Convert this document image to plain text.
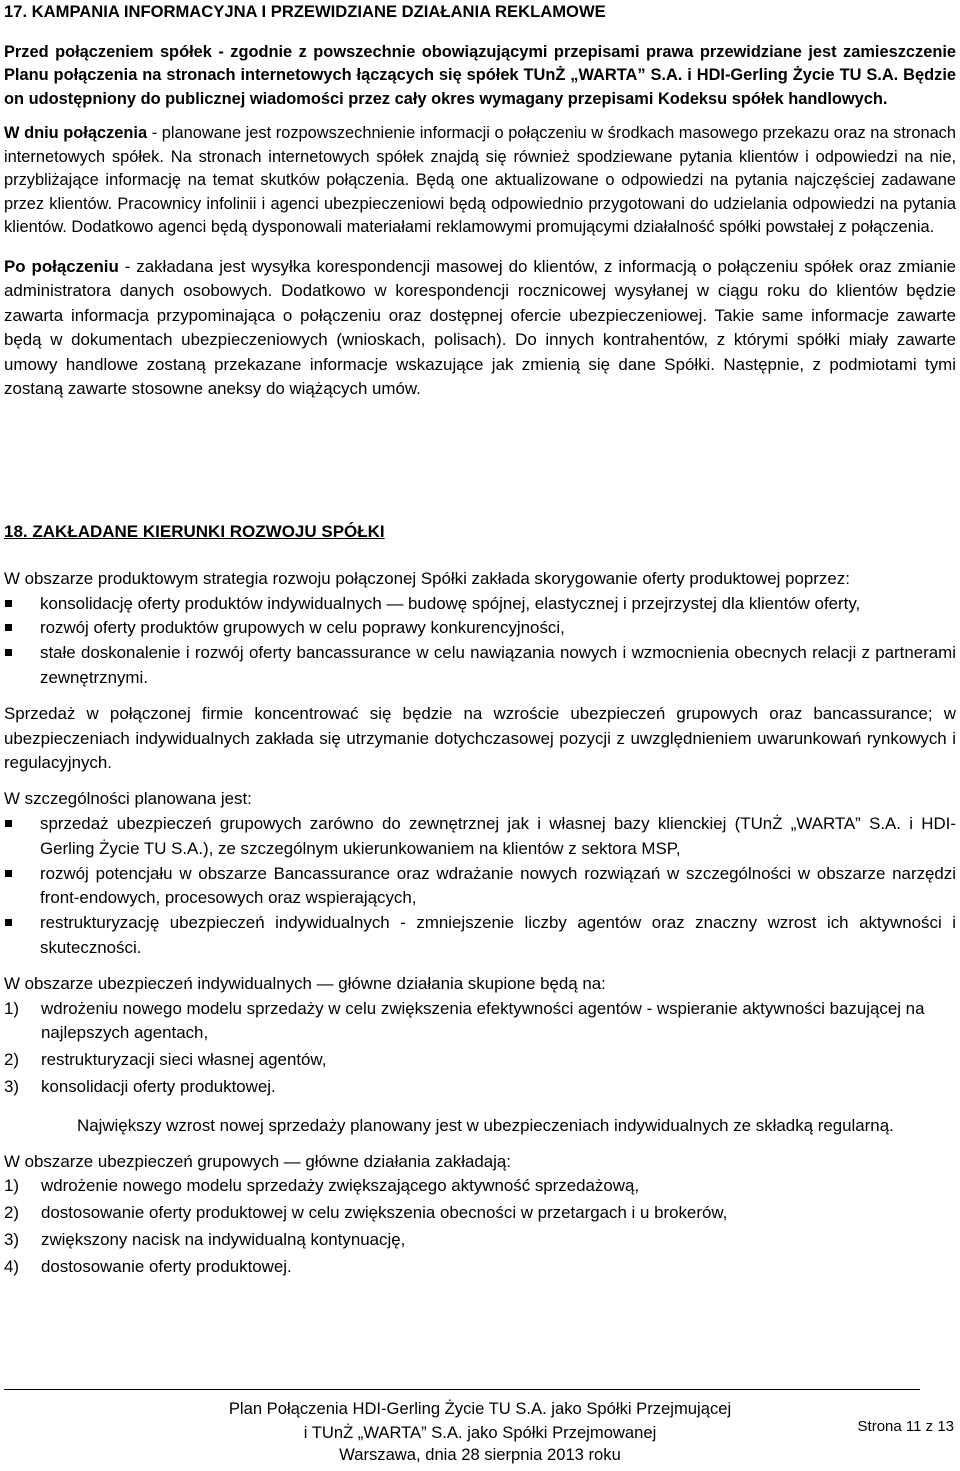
17. KAMPANIA INFORMACYJNA I PRZEWIDZIANE DZIAŁANIA REKLAMOWE

Przed połączeniem spółek - zgodnie z powszechnie obowiązującymi przepisami prawa przewidziane jest zamieszczenie Planu połączenia na stronach internetowych łączących się spółek TUnŻ „WARTA” S.A. i HDI-Gerling Życie TU S.A. Będzie on udostępniony do publicznej wiadomości przez cały okres wymagany przepisami Kodeksu spółek handlowych.

W dniu połączenia - planowane jest rozpowszechnienie informacji o połączeniu w środkach masowego przekazu oraz na stronach internetowych spółek. Na stronach internetowych spółek znajdą się również spodziewane pytania klientów i odpowiedzi na nie, przybliżające informację na temat skutków połączenia. Będą one aktualizowane o odpowiedzi na pytania najczęściej zadawane przez klientów. Pracownicy infolinii i agenci ubezpieczeniowi będą odpowiednio przygotowani do udzielania odpowiedzi na pytania klientów. Dodatkowo agenci będą dysponowali materiałami reklamowymi promującymi działalność spółki powstałej z połączenia.

Po połączeniu - zakładana jest wysyłka korespondencji masowej do klientów, z informacją o połączeniu spółek oraz zmianie administratora danych osobowych. Dodatkowo w korespondencji rocznicowej wysyłanej w ciągu roku do klientów będzie zawarta informacja przypominająca o połączeniu oraz dostępnej ofercie ubezpieczeniowej. Takie same informacje zawarte będą w dokumentach ubezpieczeniowych (wnioskach, polisach). Do innych kontrahentów, z którymi spółki miały zawarte umowy handlowe zostaną przekazane informacje wskazujące jak zmienią się dane Spółki. Następnie, z podmiotami tymi zostaną zawarte stosowne aneksy do wiążących umów.

18. ZAKŁADANE KIERUNKI ROZWOJU SPÓŁKI

W obszarze produktowym strategia rozwoju połączonej Spółki zakłada skorygowanie oferty produktowej poprzez:

konsolidację oferty produktów indywidualnych — budowę spójnej, elastycznej i przejrzystej dla klientów oferty,
rozwój oferty produktów grupowych w celu poprawy konkurencyjności,
stałe doskonalenie i rozwój oferty bancassurance w celu nawiązania nowych i wzmocnienia obecnych relacji z partnerami zewnętrznymi.

Sprzedaż w połączonej firmie koncentrować się będzie na wzroście ubezpieczeń grupowych oraz bancassurance; w ubezpieczeniach indywidualnych zakłada się utrzymanie dotychczasowej pozycji z uwzględnieniem uwarunkowań rynkowych i regulacyjnych.

W szczególności planowana jest:

sprzedaż ubezpieczeń grupowych zarówno do zewnętrznej jak i własnej bazy klienckiej (TUnŻ „WARTA” S.A. i HDI-Gerling Życie TU S.A.), ze szczególnym ukierunkowaniem na klientów z sektora MSP,
rozwój potencjału w obszarze Bancassurance oraz wdrażanie nowych rozwiązań w szczególności w obszarze narzędzi front-endowych, procesowych oraz wspierających,
restrukturyzację ubezpieczeń indywidualnych - zmniejszenie liczby agentów oraz znaczny wzrost ich aktywności i skuteczności.

W obszarze ubezpieczeń indywidualnych — główne działania skupione będą na:

1) wdrożeniu nowego modelu sprzedaży w celu zwiększenia efektywności agentów - wspieranie aktywności bazującej na najlepszych agentach,
2) restrukturyzacji sieci własnej agentów,
3) konsolidacji oferty produktowej.

Największy wzrost nowej sprzedaży planowany jest w ubezpieczeniach indywidualnych ze składką regularną.

W obszarze ubezpieczeń grupowych — główne działania zakładają:

1) wdrożenie nowego modelu sprzedaży zwiększającego aktywność sprzedażową,
2) dostosowanie oferty produktowej w celu zwiększenia obecności w przetargach i u brokerów,
3) zwiększony nacisk na indywidualną kontynuację,
4) dostosowanie oferty produktowej.
Plan Połączenia HDI-Gerling Życie TU S.A. jako Spółki Przejmującej
i TUnŻ „WARTA” S.A. jako Spółki Przejmowanej	Strona 11 z 13
Warszawa, dnia 28 sierpnia 2013 roku
